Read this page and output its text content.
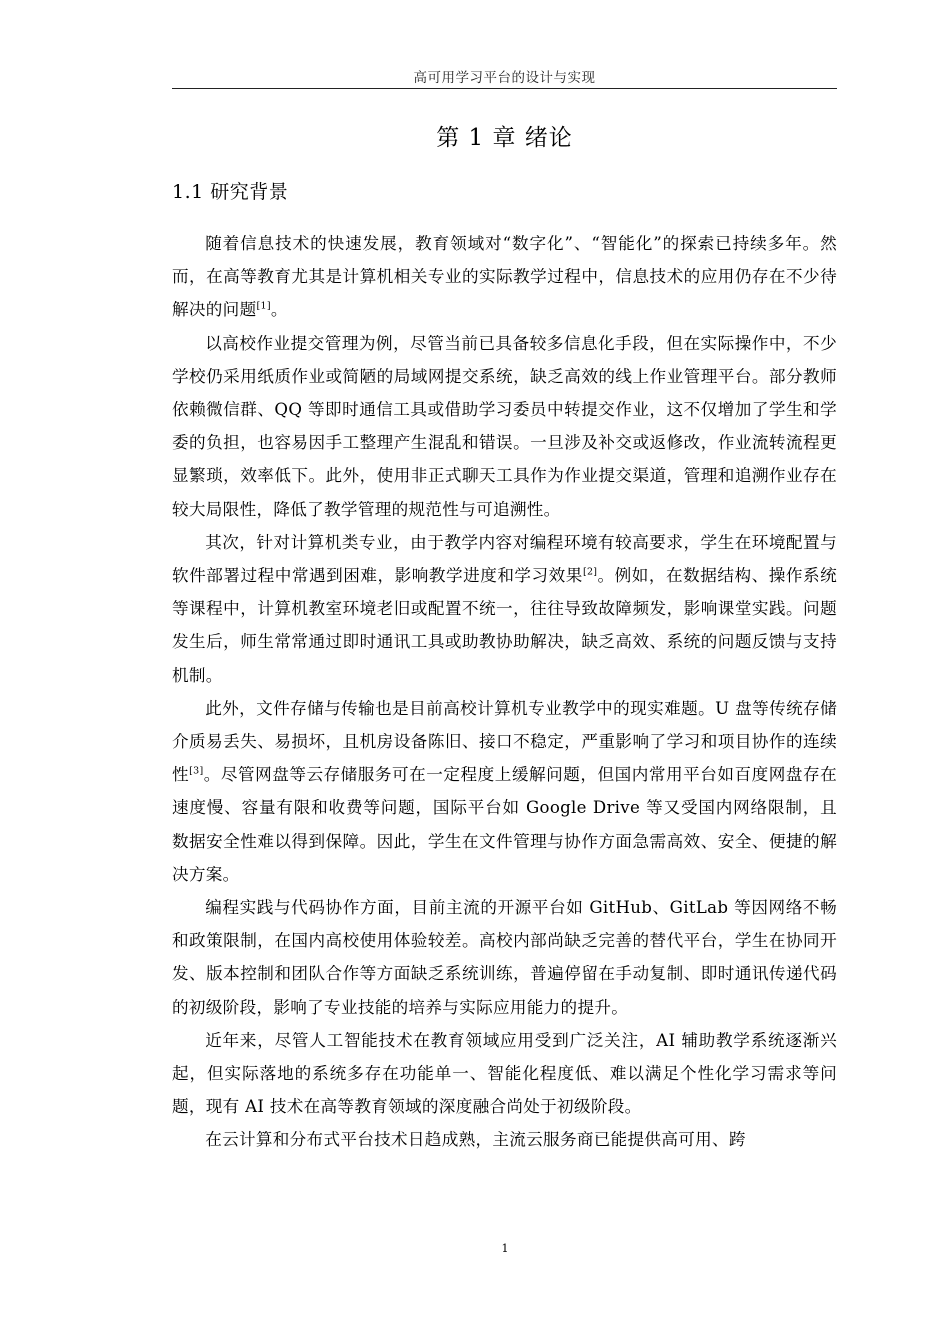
高可用学习平台的设计与实现
第 1 章 绪论
1.1 研究背景

随着信息技术的快速发展，教育领域对“数字化”、“智能化”的探索已持续多年。然而，在高等教育尤其是计算机相关专业的实际教学过程中，信息技术的应用仍存在不少待解决的问题[1]。

以高校作业提交管理为例，尽管当前已具备较多信息化手段，但在实际操作中，不少学校仍采用纸质作业或简陋的局域网提交系统，缺乏高效的线上作业管理平台。部分教师依赖微信群、QQ 等即时通信工具或借助学习委员中转提交作业，这不仅增加了学生和学委的负担，也容易因手工整理产生混乱和错误。一旦涉及补交或返修改，作业流转流程更显繁琐，效率低下。此外，使用非正式聊天工具作为作业提交渠道，管理和追溯作业存在较大局限性，降低了教学管理的规范性与可追溯性。

其次，针对计算机类专业，由于教学内容对编程环境有较高要求，学生在环境配置与软件部署过程中常遇到困难，影响教学进度和学习效果[2]。例如，在数据结构、操作系统等课程中，计算机教室环境老旧或配置不统一，往往导致故障频发，影响课堂实践。问题发生后，师生常常通过即时通讯工具或助教协助解决，缺乏高效、系统的问题反馈与支持机制。

此外，文件存储与传输也是目前高校计算机专业教学中的现实难题。U 盘等传统存储介质易丢失、易损坏，且机房设备陈旧、接口不稳定，严重影响了学习和项目协作的连续性[3]。尽管网盘等云存储服务可在一定程度上缓解问题，但国内常用平台如百度网盘存在速度慢、容量有限和收费等问题，国际平台如 Google Drive 等又受国内网络限制，且数据安全性难以得到保障。因此，学生在文件管理与协作方面急需高效、安全、便捷的解决方案。

编程实践与代码协作方面，目前主流的开源平台如 GitHub、GitLab 等因网络不畅和政策限制，在国内高校使用体验较差。高校内部尚缺乏完善的替代平台，学生在协同开发、版本控制和团队合作等方面缺乏系统训练，普遍停留在手动复制、即时通讯传递代码的初级阶段，影响了专业技能的培养与实际应用能力的提升。

近年来，尽管人工智能技术在教育领域应用受到广泛关注，AI 辅助教学系统逐渐兴起，但实际落地的系统多存在功能单一、智能化程度低、难以满足个性化学习需求等问题，现有 AI 技术在高等教育领域的深度融合尚处于初级阶段。

在云计算和分布式平台技术日趋成熟，主流云服务商已能提供高可用、跨

1
